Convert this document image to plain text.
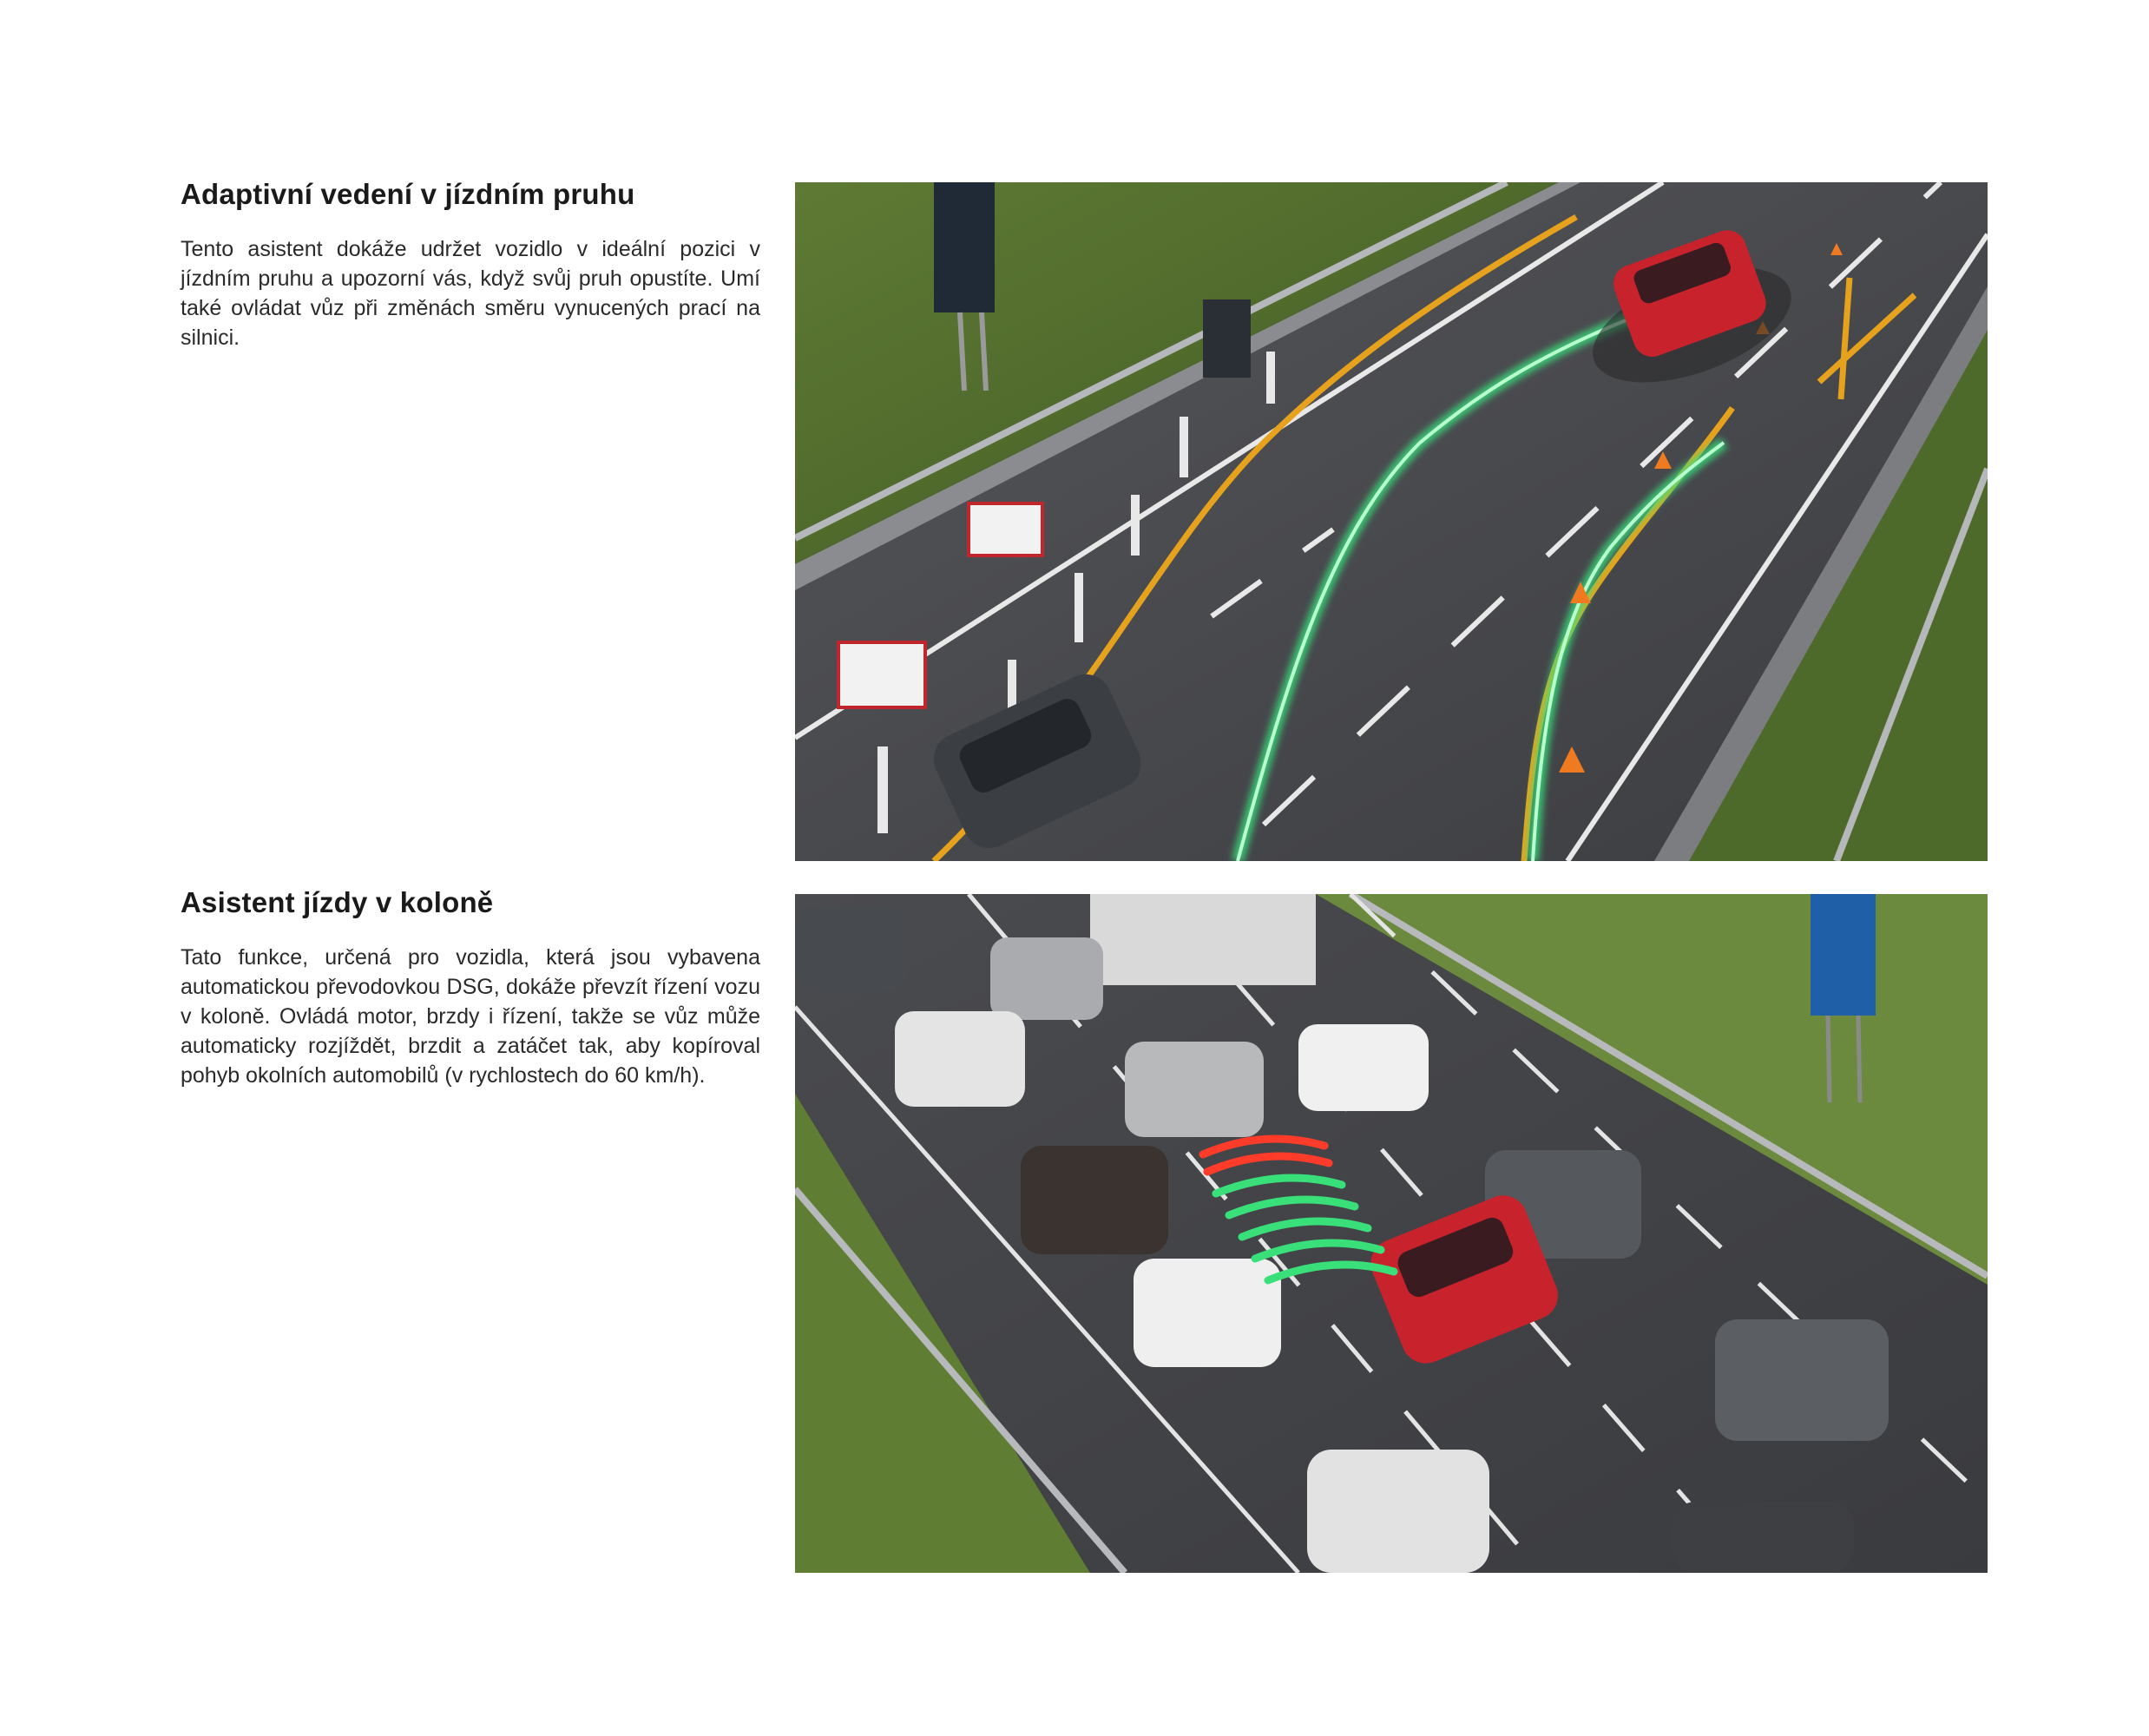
Adaptivní vedení v jízdním pruhu

Tento asistent dokáže udržet vozidlo v ideální pozici v jízdním pruhu a upozorní vás, když svůj pruh opustíte. Umí také ovládat vůz při změnách směru vynucených prací na silnici.

Asistent jízdy v koloně

Tato funkce, určená pro vozidla, která jsou vybavena automatickou převodovkou DSG, dokáže převzít řízení vozu v koloně. Ovládá motor, brzdy i řízení, takže se vůz může automaticky rozjíždět, brzdit a zatáčet tak, aby kopíroval pohyb okolních automobilů (v rychlostech do 60 km/h).
